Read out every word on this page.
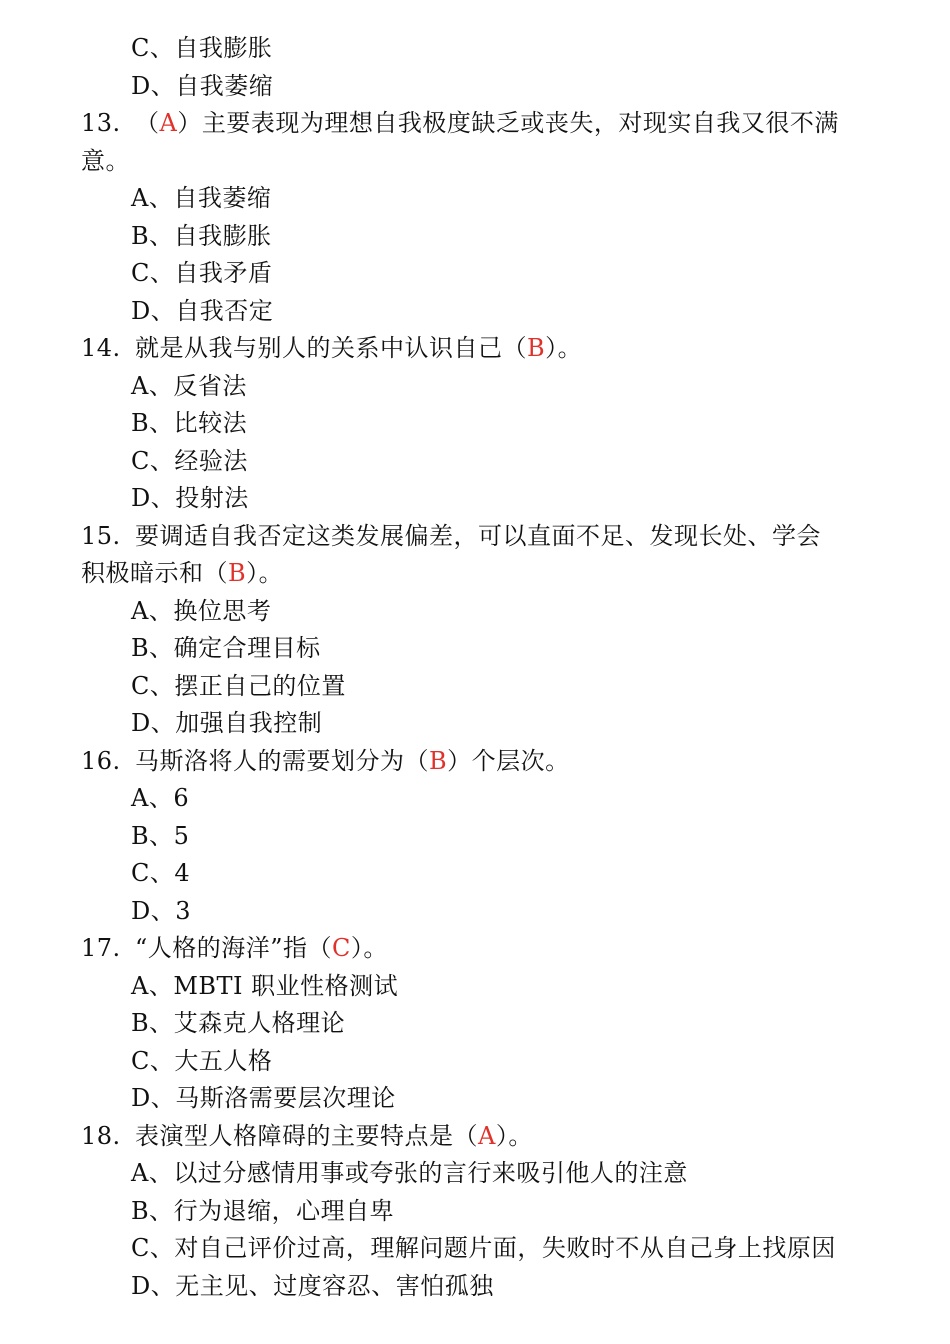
C、自我膨胀
D、自我萎缩
13. （A）主要表现为理想自我极度缺乏或丧失，对现实自我又很不满
意。
A、自我萎缩
B、自我膨胀
C、自我矛盾
D、自我否定
14. 就是从我与别人的关系中认识自己（B）。
A、反省法
B、比较法
C、经验法
D、投射法
15. 要调适自我否定这类发展偏差，可以直面不足、发现长处、学会
积极暗示和（B）。
A、换位思考
B、确定合理目标
C、摆正自己的位置
D、加强自我控制
16. 马斯洛将人的需要划分为（B）个层次。
A、6
B、5
C、4
D、3
17. “人格的海洋”指（C）。
A、MBTI 职业性格测试
B、艾森克人格理论
C、大五人格
D、马斯洛需要层次理论
18. 表演型人格障碍的主要特点是（A）。
A、以过分感情用事或夸张的言行来吸引他人的注意
B、行为退缩，心理自卑
C、对自己评价过高，理解问题片面，失败时不从自己身上找原因
D、无主见、过度容忍、害怕孤独
